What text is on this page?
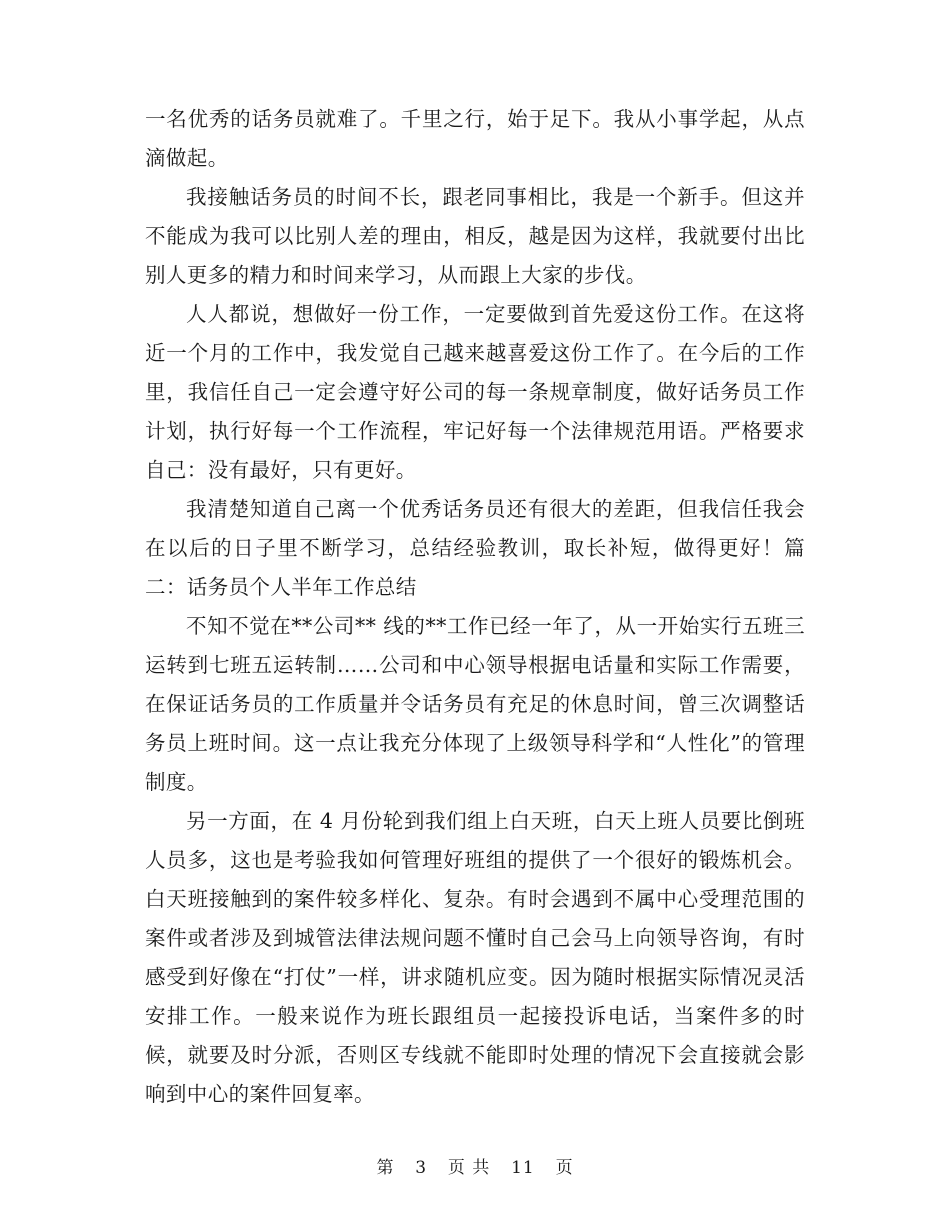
一名优秀的话务员就难了。千里之行，始于足下。我从小事学起，从点滴做起。

我接触话务员的时间不长，跟老同事相比，我是一个新手。但这并不能成为我可以比别人差的理由，相反，越是因为这样，我就要付出比别人更多的精力和时间来学习，从而跟上大家的步伐。

人人都说，想做好一份工作，一定要做到首先爱这份工作。在这将近一个月的工作中，我发觉自己越来越喜爱这份工作了。在今后的工作里，我信任自己一定会遵守好公司的每一条规章制度，做好话务员工作计划，执行好每一个工作流程，牢记好每一个法律规范用语。严格要求自己：没有最好，只有更好。

我清楚知道自己离一个优秀话务员还有很大的差距，但我信任我会在以后的日子里不断学习，总结经验教训，取长补短，做得更好！篇二：话务员个人半年工作总结

不知不觉在**公司** 线的**工作已经一年了，从一开始实行五班三运转到七班五运转制……公司和中心领导根据电话量和实际工作需要，在保证话务员的工作质量并令话务员有充足的休息时间，曾三次调整话务员上班时间。这一点让我充分体现了上级领导科学和“人性化”的管理制度。

另一方面，在 4 月份轮到我们组上白天班，白天上班人员要比倒班人员多，这也是考验我如何管理好班组的提供了一个很好的锻炼机会。白天班接触到的案件较多样化、复杂。有时会遇到不属中心受理范围的案件或者涉及到城管法律法规问题不懂时自己会马上向领导咨询，有时感受到好像在“打仗”一样，讲求随机应变。因为随时根据实际情况灵活安排工作。一般来说作为班长跟组员一起接投诉电话，当案件多的时候，就要及时分派，否则区专线就不能即时处理的情况下会直接就会影响到中心的案件回复率。

第 3 页 共 11 页
